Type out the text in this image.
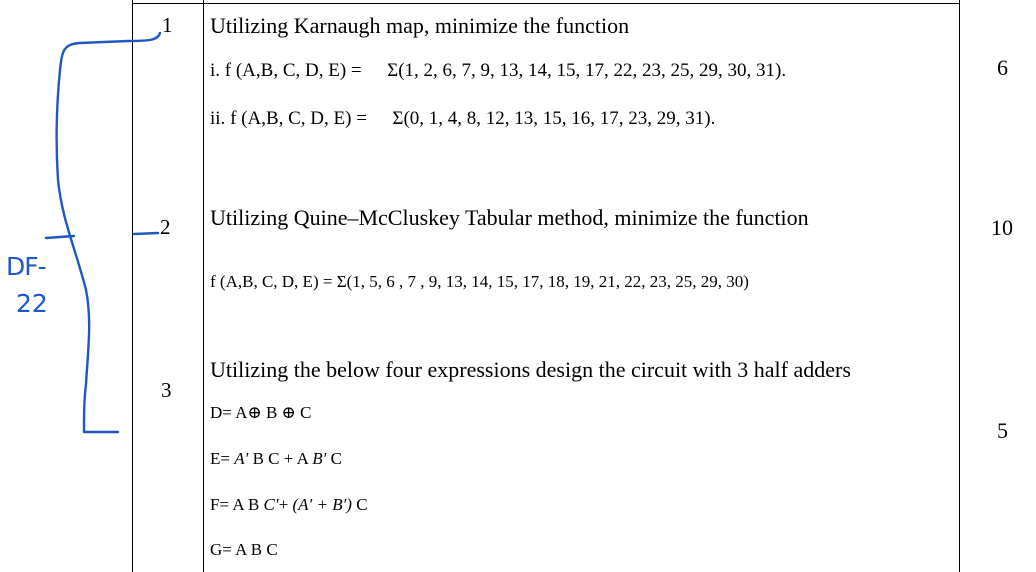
1 Utilizing Karnaugh map, minimize the function
i. f (A,B, C, D, E) = Σ(1, 2, 6, 7, 9, 13, 14, 15, 17, 22, 23, 25, 29, 30, 31).
ii. f (A,B, C, D, E) = Σ(0, 1, 4, 8, 12, 13, 15, 16, 17, 23, 29, 31).
6
2 Utilizing Quine–McCluskey Tabular method, minimize the function
f (A,B, C, D, E) = Σ(1, 5, 6 , 7 , 9, 13, 14, 15, 17, 18, 19, 21, 22, 23, 25, 29, 30)
10
3
Utilizing the below four expressions design the circuit with 3 half adders
D= A⊕ B ⊕ C
E= A′ B C + A B′ C
F= A B C′+ (A′ + B′) C
G= A B C
5
DF-
22
